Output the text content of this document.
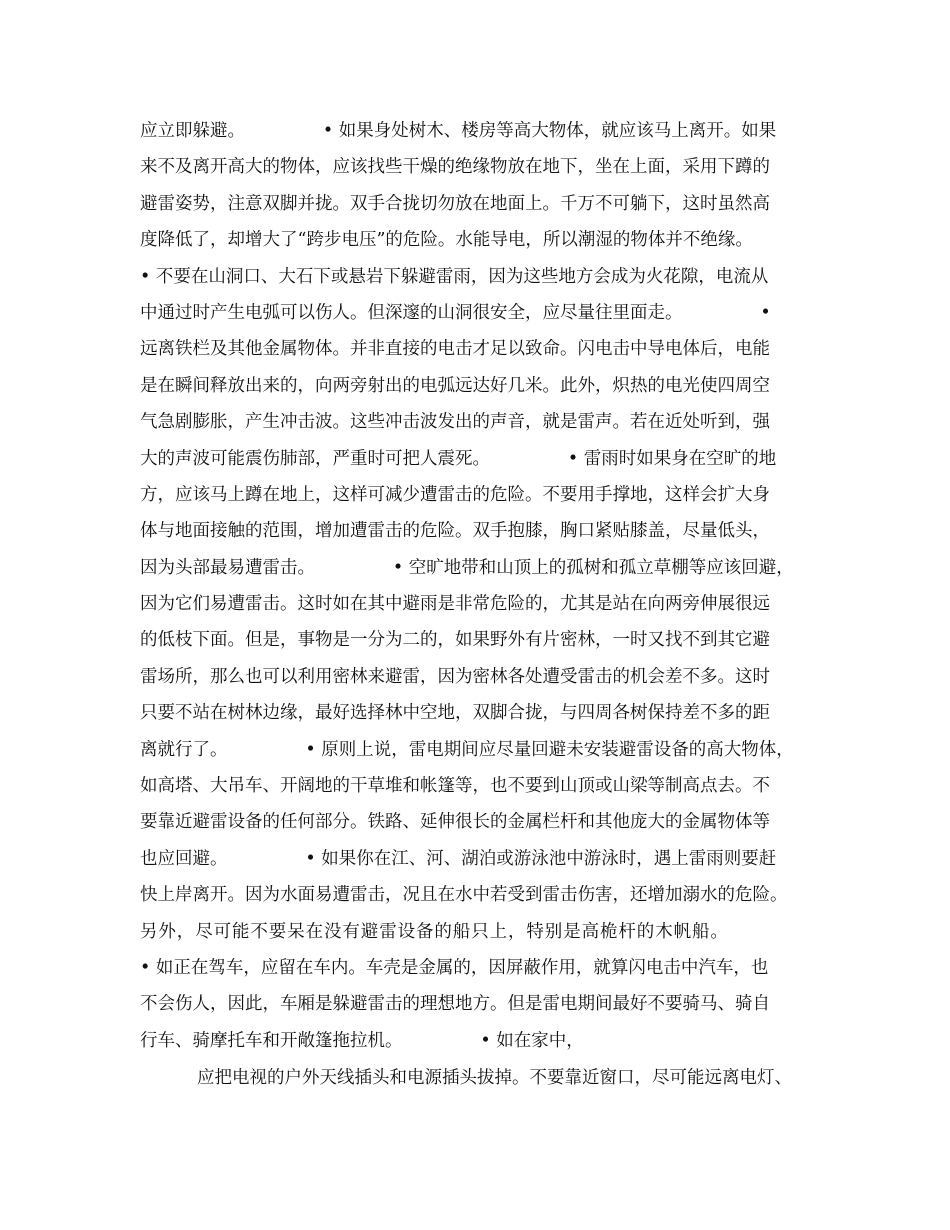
应立即躲避。              • 如果身处树木、楼房等高大物体，就应该马上离开。如果
来不及离开高大的物体，应该找些干燥的绝缘物放在地下，坐在上面，采用下蹲的
避雷姿势，注意双脚并拢。双手合拢切勿放在地面上。千万不可躺下，这时虽然高
度降低了，却增大了“跨步电压”的危险。水能导电，所以潮湿的物体并不绝缘。
• 不要在山洞口、大石下或悬岩下躲避雷雨，因为这些地方会成为火花隙，电流从
中通过时产生电弧可以伤人。但深邃的山洞很安全，应尽量往里面走。              •
远离铁栏及其他金属物体。并非直接的电击才足以致命。闪电击中导电体后，电能
是在瞬间释放出来的，向两旁射出的电弧远达好几米。此外，炽热的电光使四周空
气急剧膨胀，产生冲击波。这些冲击波发出的声音，就是雷声。若在近处听到，强
大的声波可能震伤肺部，严重时可把人震死。              • 雷雨时如果身在空旷的地
方，应该马上蹲在地上，这样可减少遭雷击的危险。不要用手撑地，这样会扩大身
体与地面接触的范围，增加遭雷击的危险。双手抱膝，胸口紧贴膝盖，尽量低头，
因为头部最易遭雷击。              • 空旷地带和山顶上的孤树和孤立草棚等应该回避，
因为它们易遭雷击。这时如在其中避雨是非常危险的，尤其是站在向两旁伸展很远
的低枝下面。但是，事物是一分为二的，如果野外有片密林，一时又找不到其它避
雷场所，那么也可以利用密林来避雷，因为密林各处遭受雷击的机会差不多。这时
只要不站在树林边缘，最好选择林中空地，双脚合拢，与四周各树保持差不多的距
离就行了。              • 原则上说，雷电期间应尽量回避未安装避雷设备的高大物体，
如高塔、大吊车、开阔地的干草堆和帐篷等，也不要到山顶或山梁等制高点去。不
要靠近避雷设备的任何部分。铁路、延伸很长的金属栏杆和其他庞大的金属物体等
也应回避。              • 如果你在江、河、湖泊或游泳池中游泳时，遇上雷雨则要赶
快上岸离开。因为水面易遭雷击，况且在水中若受到雷击伤害，还增加溺水的危险。
另外，尽可能不要呆在没有避雷设备的船只上，特别是高桅杆的木帆船。
• 如正在驾车，应留在车内。车壳是金属的，因屏蔽作用，就算闪电击中汽车，也
不会伤人，因此，车厢是躲避雷击的理想地方。但是雷电期间最好不要骑马、骑自
行车、骑摩托车和开敞篷拖拉机。              • 如在家中，
应把电视的户外天线插头和电源插头拔掉。不要靠近窗口，尽可能远离电灯、
